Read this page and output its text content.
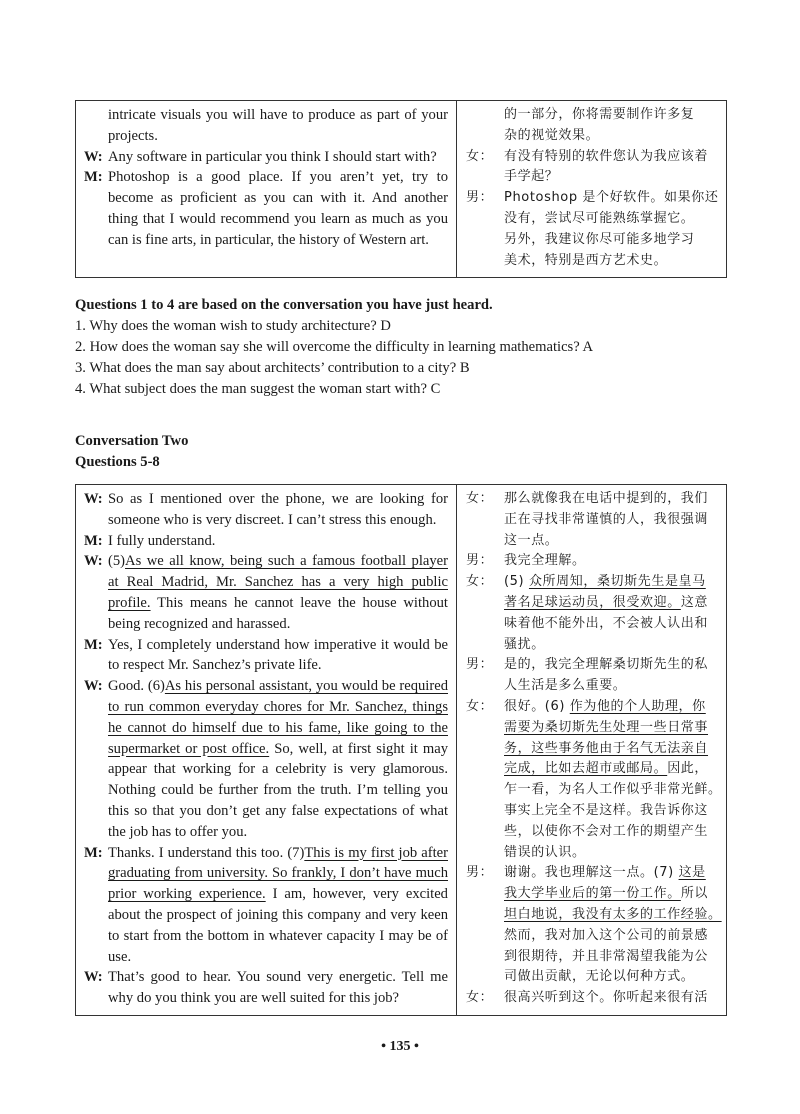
intricate visuals you will have to produce as part of your
projects.
W: Any software in particular you think I should start with?
M: Photoshop is a good place. If you aren’t yet, try to
become as proficient as you can with it. And another
thing that I would recommend you learn as much as you
can is fine arts, in particular, the history of Western art.
的一部分，你将需要制作许多复
杂的视觉效果。
女： 有没有特别的软件您认为我应该着
手学起？
男： Photoshop 是个好软件。如果你还
没有，尝试尽可能熟练掌握它。
另外，我建议你尽可能多地学习
美术，特别是西方艺术史。
Questions 1 to 4 are based on the conversation you have just heard.
1. Why does the woman wish to study architecture? D
2. How does the woman say she will overcome the difficulty in learning mathematics? A
3. What does the man say about architects’ contribution to a city? B
4. What subject does the man suggest the woman start with? C
Conversation Two
Questions 5-8
W: So as I mentioned over the phone, we are looking for
someone who is very discreet. I can’t stress this enough.
M: I fully understand.
W: (5)As we all know, being such a famous football player
at Real Madrid, Mr. Sanchez has a very high public
profile. This means he cannot leave the house without
being recognized and harassed.
M: Yes, I completely understand how imperative it would be
to respect Mr. Sanchez’s private life.
W: Good. (6)As his personal assistant, you would be required
to run common everyday chores for Mr. Sanchez, things
he cannot do himself due to his fame, like going to the
supermarket or post office. So, well, at first sight it may
appear that working for a celebrity is very glamorous.
Nothing could be further from the truth. I’m telling you
this so that you don’t get any false expectations of what
the job has to offer you.
M: Thanks. I understand this too. (7)This is my first job after
graduating from university. So frankly, I don’t have much
prior working experience. I am, however, very excited
about the prospect of joining this company and very keen
to start from the bottom in whatever capacity I may be of
use.
W: That’s good to hear. You sound very energetic. Tell me
why do you think you are well suited for this job?
女： 那么就像我在电话中提到的，我们
正在寻找非常谨慎的人，我很强调
这一点。
男： 我完全理解。
女： (5) 众所周知，桑切斯先生是皇马
著名足球运动员，很受欢迎。这意
味着他不能外出，不会被人认出和
骚扰。
男： 是的，我完全理解桑切斯先生的私
人生活是多么重要。
女： 很好。(6) 作为他的个人助理，你
需要为桑切斯先生处理一些日常事
务，这些事务他由于名气无法亲自
完成，比如去超市或邮局。因此，
乍一看，为名人工作似乎非常光鲜。
事实上完全不是这样。我告诉你这
些，以使你不会对工作的期望产生
错误的认识。
男： 谢谢。我也理解这一点。(7) 这是
我大学毕业后的第一份工作。所以
坦白地说，我没有太多的工作经验。
然而，我对加入这个公司的前景感
到很期待，并且非常渴望我能为公
司做出贡献，无论以何种方式。
女： 很高兴听到这个。你听起来很有活
• 135 •
